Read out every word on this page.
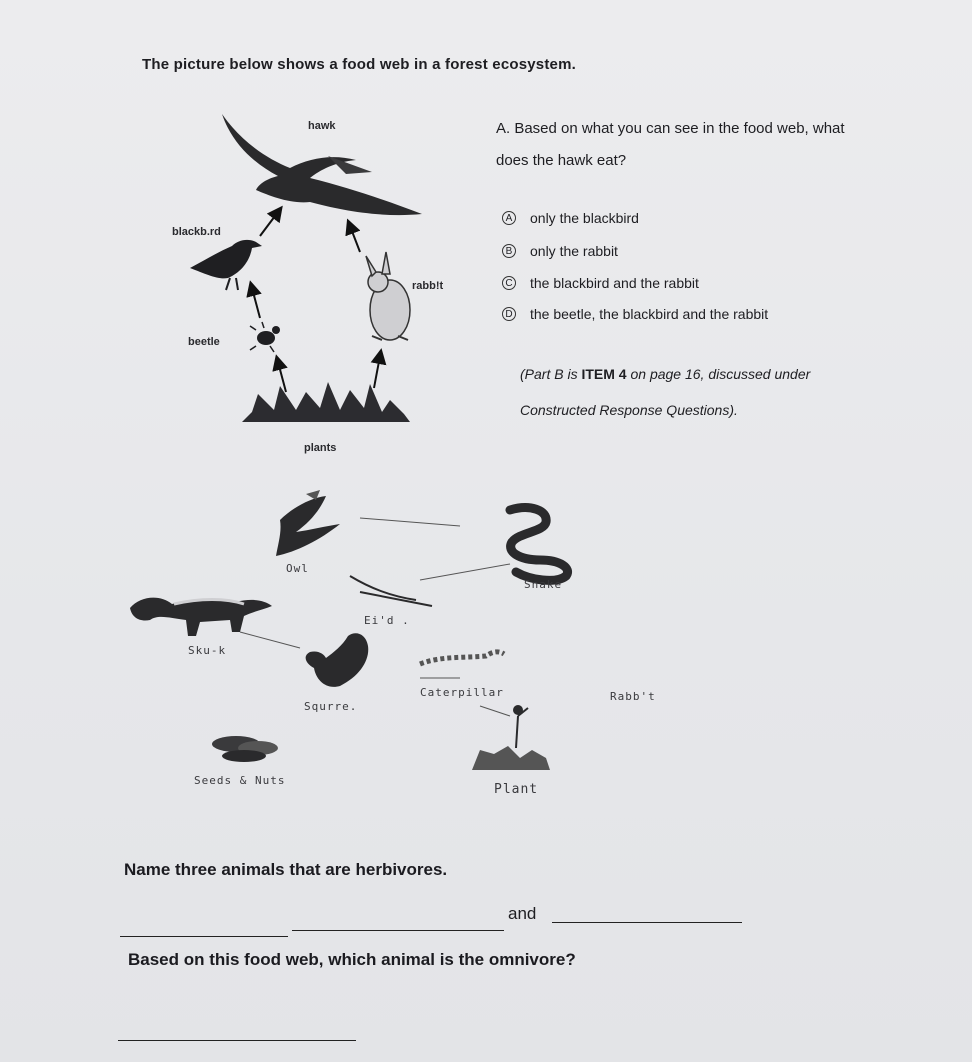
The picture below shows a food web in a forest ecosystem.
hawk
blackb.rd
rabb!t
beetle
plants
A. Based on what you can see in the food web, what
does the hawk eat?
A only the blackbird
B only the rabbit
C the blackbird and the rabbit
D the beetle, the blackbird and the rabbit
(Part B is ITEM 4 on page 16, discussed under
Constructed Response Questions).
Owl
Snake
Ei'd .
Sku-k
Squrre.
Caterpillar	Rabb't
Seeds & Nuts
Plant
Name three animals that are herbivores.
and
Based on this food web, which animal is the omnivore?
